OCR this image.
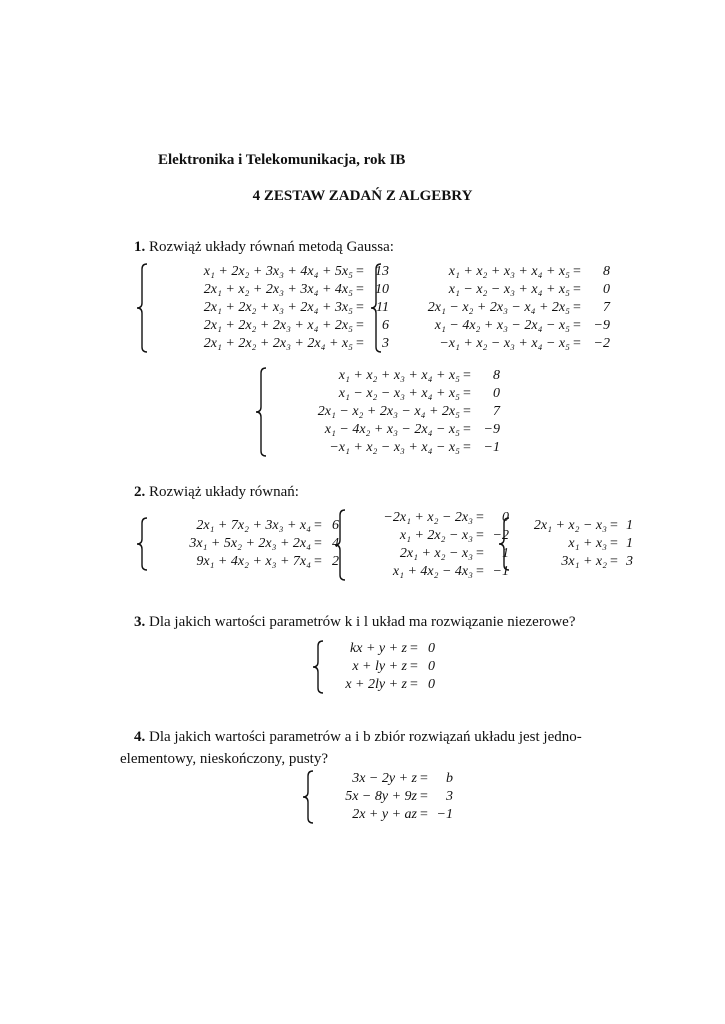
Elektronika i Telekomunikacja, rok IB
4 ZESTAW ZADAŃ Z ALGEBRY
1. Rozwiąż układy równań metodą Gaussa:
x₁ + 2x₂ + 3x₃ + 4x₄ + 5x₅ = 13
2x₁ + x₂ + 2x₃ + 3x₄ + 4x₅ = 10
2x₁ + 2x₂ + x₃ + 2x₄ + 3x₅ = 11
2x₁ + 2x₂ + 2x₃ + x₄ + 2x₅ =	6
2x₁ + 2x₂ + 2x₃ + 2x₄ + x₅ =	3
x₁ + x₂ + x₃ + x₄ + x₅ =	8
x₁ − x₂ − x₃ + x₄ + x₅ =	0
2x₁ − x₂ + 2x₃ − x₄ + 2x₅ =	7
x₁ − 4x₂ + x₃ − 2x₄ − x₅ = −9
−x₁ + x₂ − x₃ + x₄ − x₅ = −2
x₁ + x₂ + x₃ + x₄ + x₅ =	8
x₁ − x₂ − x₃ + x₄ + x₅ =	0
2x₁ − x₂ + 2x₃ − x₄ + 2x₅ =	7
x₁ − 4x₂ + x₃ − 2x₄ − x₅ = −9
−x₁ + x₂ − x₃ + x₄ − x₅ = −1
2. Rozwiąż układy równań:
2x₁ + 7x₂ + 3x₃ + x₄ = 6
3x₁ + 5x₂ + 2x₃ + 2x₄ = 4
9x₁ + 4x₂ + x₃ + 7x₄ = 2
−2x₁ + x₂ − 2x₃ =	0
x₁ + 2x₂ − x₃ = −2
2x₁ + x₂ − x₃ =	1
x₁ + 4x₂ − 4x₃ = −1
2x₁ + x₂ − x₃ = 1
x₁ + x₃ = 1
3x₁ + x₂ = 3
3. Dla jakich wartości parametrów k i l układ ma rozwiązanie niezerowe?
kx + y + z = 0
x + ly + z = 0
x + 2ly + z = 0
4. Dla jakich wartości parametrów a i b zbiór rozwiązań układu jest jedno-
elementowy, nieskończony, pusty?
3x − 2y + z =	b
5x − 8y + 9z =	3
2x + y + az = −1
